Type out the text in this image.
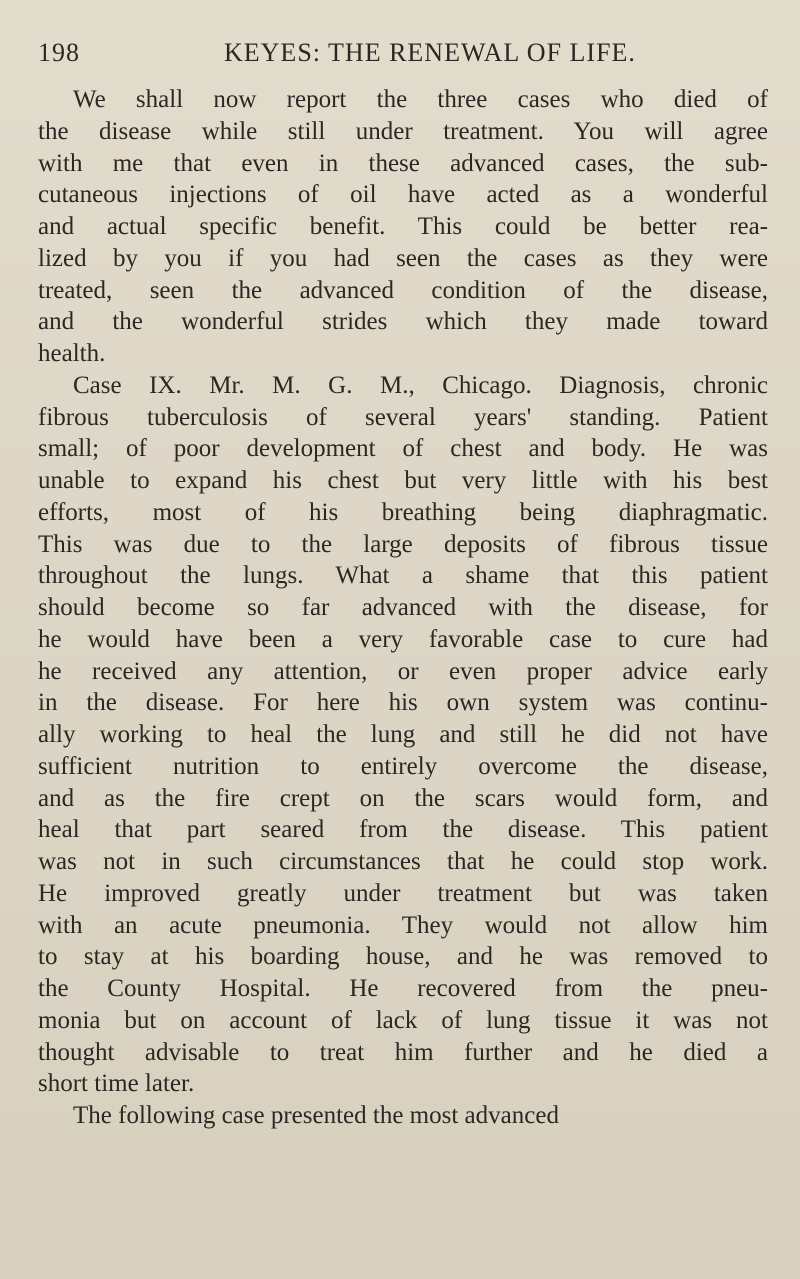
198	KEYES: THE RENEWAL OF LIFE.
We shall now report the three cases who died of
the disease while still under treatment. You will agree
with me that even in these advanced cases, the sub-
cutaneous injections of oil have acted as a wonderful
and actual specific benefit. This could be better rea-
lized by you if you had seen the cases as they were
treated, seen the advanced condition of the disease,
and the wonderful strides which they made toward
health.
Case IX. Mr. M. G. M., Chicago. Diagnosis, chronic
fibrous tuberculosis of several years' standing. Patient
small; of poor development of chest and body. He was
unable to expand his chest but very little with his best
efforts, most of his breathing being diaphragmatic.
This was due to the large deposits of fibrous tissue
throughout the lungs. What a shame that this patient
should become so far advanced with the disease, for
he would have been a very favorable case to cure had
he received any attention, or even proper advice early
in the disease. For here his own system was continu-
ally working to heal the lung and still he did not have
sufficient nutrition to entirely overcome the disease,
and as the fire crept on the scars would form, and
heal that part seared from the disease. This patient
was not in such circumstances that he could stop work.
He improved greatly under treatment but was taken
with an acute pneumonia. They would not allow him
to stay at his boarding house, and he was removed to
the County Hospital. He recovered from the pneu-
monia but on account of lack of lung tissue it was not
thought advisable to treat him further and he died a
short time later.
The following case presented the most advanced
